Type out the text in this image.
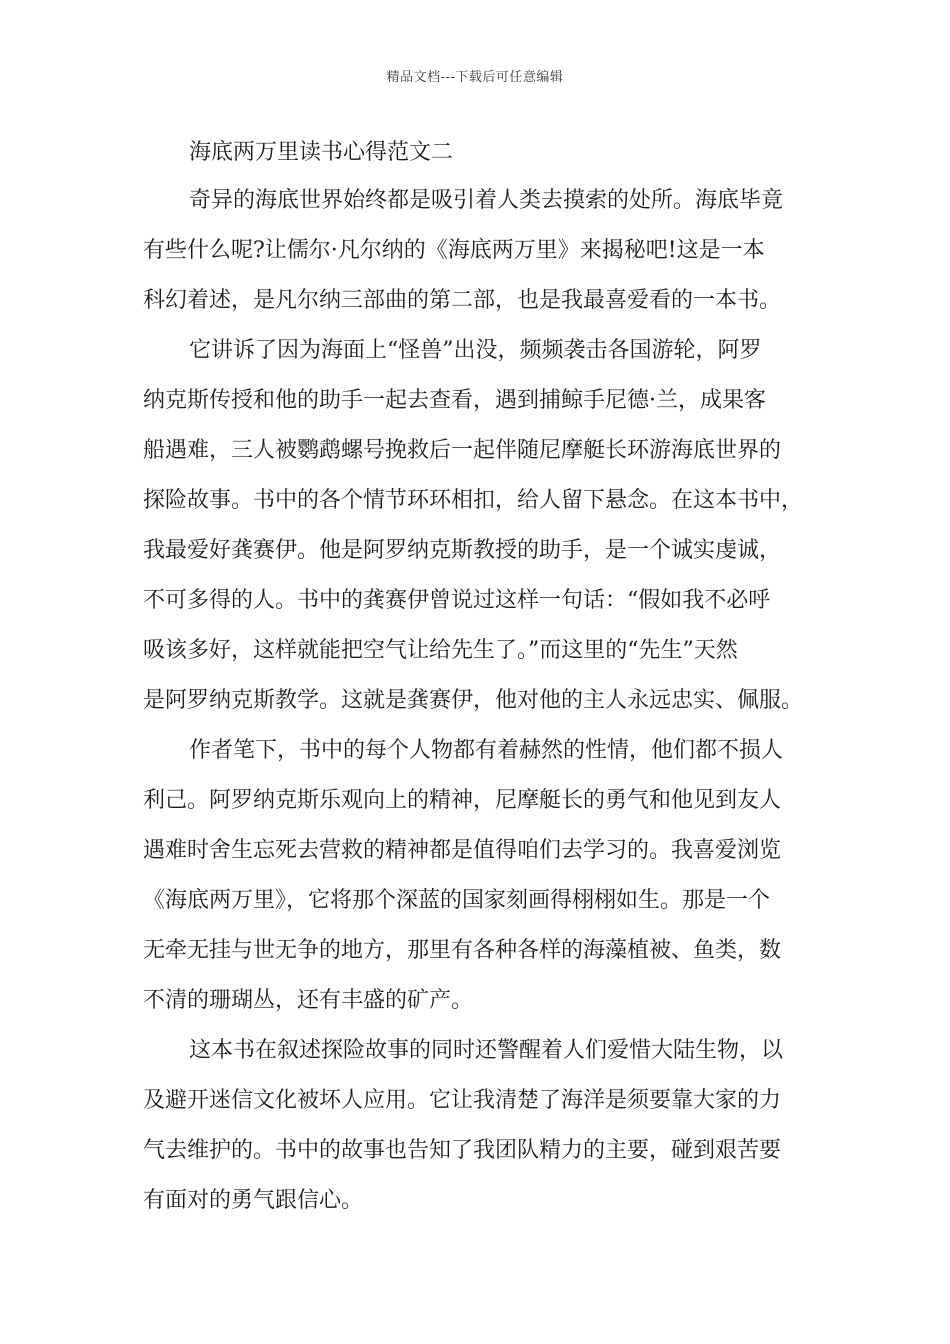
精品文档---下载后可任意编辑
海底两万里读书心得范文二
奇异的海底世界始终都是吸引着人类去摸索的处所。海底毕竟
有些什么呢?让儒尔·凡尔纳的《海底两万里》来揭秘吧!这是一本
科幻着述，是凡尔纳三部曲的第二部，也是我最喜爱看的一本书。
它讲诉了因为海面上“怪兽”出没，频频袭击各国游轮，阿罗
纳克斯传授和他的助手一起去查看，遇到捕鲸手尼德·兰，成果客
船遇难，三人被鹦鹉螺号挽救后一起伴随尼摩艇长环游海底世界的
探险故事。书中的各个情节环环相扣，给人留下悬念。在这本书中，
我最爱好龚赛伊。他是阿罗纳克斯教授的助手，是一个诚实虔诚，
不可多得的人。书中的龚赛伊曾说过这样一句话：“假如我不必呼
吸该多好，这样就能把空气让给先生了。”而这里的“先生”天然
是阿罗纳克斯教学。这就是龚赛伊，他对他的主人永远忠实、佩服。
作者笔下，书中的每个人物都有着赫然的性情，他们都不损人
利己。阿罗纳克斯乐观向上的精神，尼摩艇长的勇气和他见到友人
遇难时舍生忘死去营救的精神都是值得咱们去学习的。我喜爱浏览
《海底两万里》，它将那个深蓝的国家刻画得栩栩如生。那是一个
无牵无挂与世无争的地方，那里有各种各样的海藻植被、鱼类，数
不清的珊瑚丛，还有丰盛的矿产。
这本书在叙述探险故事的同时还警醒着人们爱惜大陆生物，以
及避开迷信文化被坏人应用。它让我清楚了海洋是须要靠大家的力
气去维护的。书中的故事也告知了我团队精力的主要，碰到艰苦要
有面对的勇气跟信心。
